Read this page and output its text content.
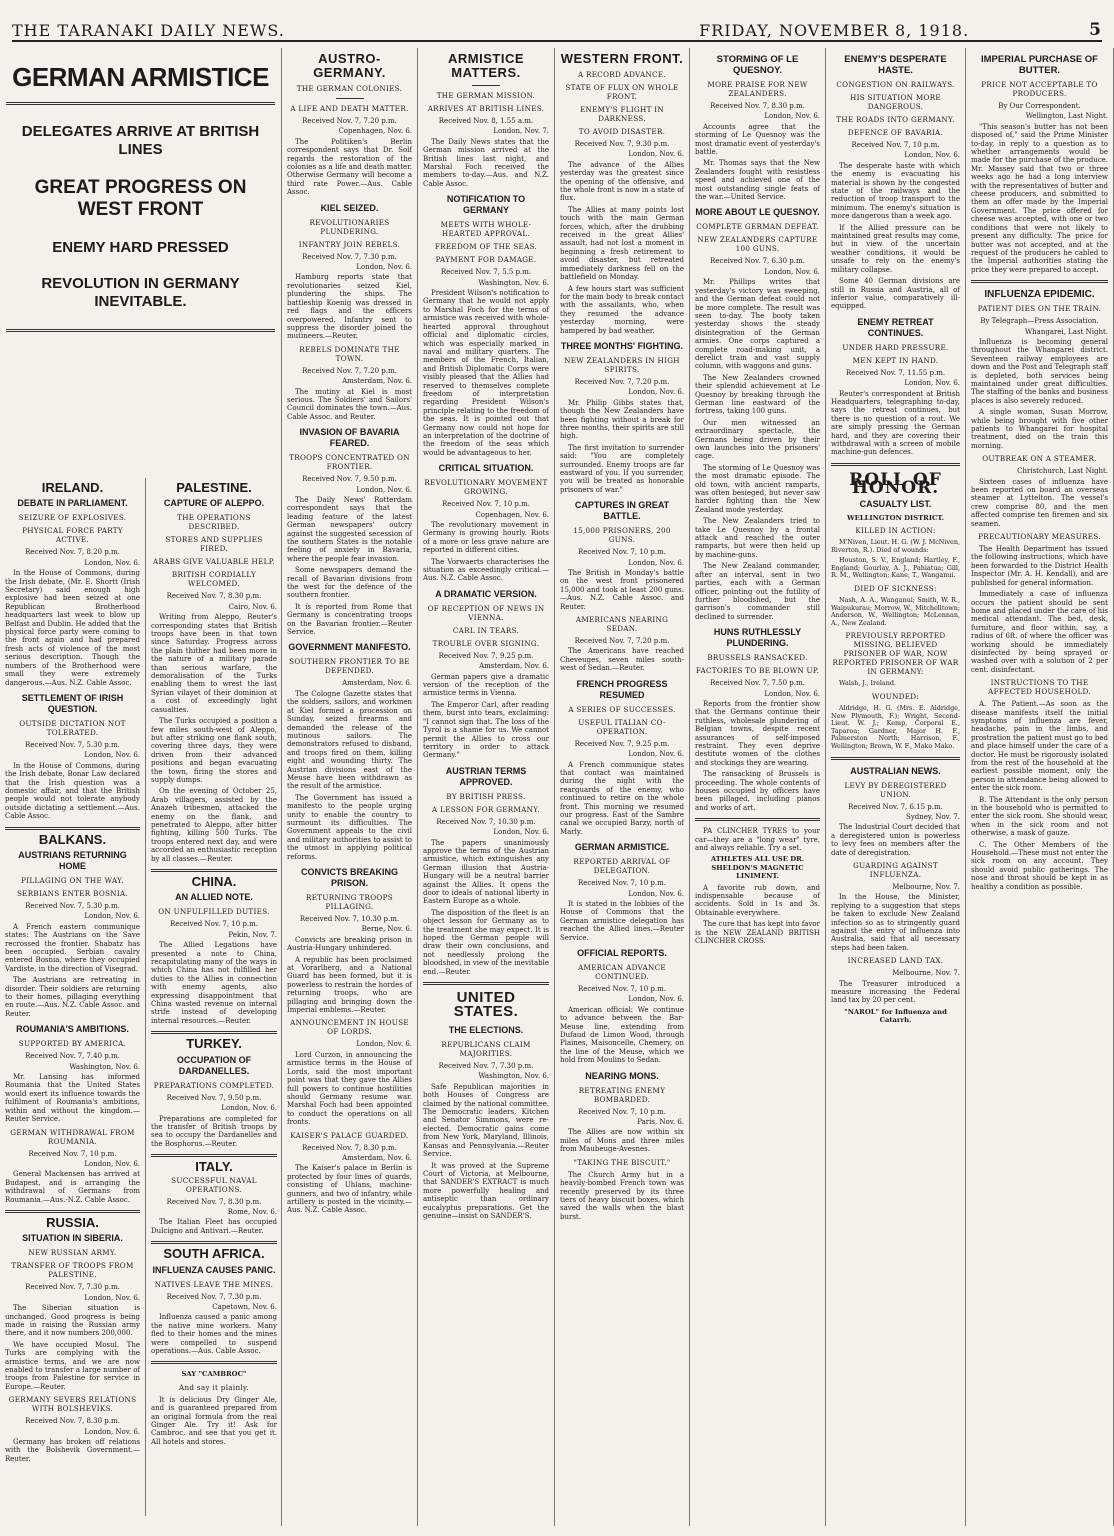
THE TARANAKI DAILY NEWS.	FRIDAY, NOVEMBER 8, 1918.	5
GERMAN ARMISTICE
DELEGATES ARRIVE AT BRITISH LINES
GREAT PROGRESS ON WEST FRONT
ENEMY HARD PRESSED
REVOLUTION IN GERMANY INEVITABLE.
IRELAND.
DEBATE IN PARLIAMENT.
SEIZURE OF EXPLOSIVES.
PHYSICAL FORCE PARTY ACTIVE.
Received Nov. 7, 8.20 p.m.
London, Nov. 6.

In the House of Commons, during the Irish debate, (Mr. E. Shortt (Irish Secretary) said enough high explosive had been seized at one Republican Brotherhood headquarters last week to blow up Belfast and Dublin. He added that the physical force party were coming to the front again and had prepared fresh acts of violence of the most serious description. Though the numbers of the Brotherhood were small they were extremely dangerous.—Aus. N.Z. Cable Assoc.

SETTLEMENT OF IRISH QUESTION.
OUTSIDE DICTATION NOT TOLERATED.
Received Nov. 7, 5.30 p.m.
London, Nov. 6.

In the House of Commons, during the Irish debate, Bonar Law declared that the Irish question was a domestic affair, and that the British people would not tolerate anybody outside dictating a settlement.—Aus. Cable Assoc.

BALKANS.
AUSTRIANS RETURNING HOME
PILLAGING ON THE WAY.
SERBIANS ENTER BOSNIA.
Received Nov. 7, 5.30 p.m.
London, Nov. 6.

A French eastern communique states: The Austrians on the Save recrossed the frontier. Shabatz has been occupied. Serbian cavalry entered Bosnia, where they occupied Vardiste, in the direction of Visegrad.

The Austrians are retreating in disorder. Their soldiers are returning to their homes, pillaging everything en route.—Aus. N.Z. Cable Assoc. and Reuter.

ROUMANIA'S AMBITIONS.
SUPPORTED BY AMERICA.
Received Nov. 7, 7.40 p.m.
Washington, Nov. 6.

Mr. Lansing has informed Roumania that the United States would exert its influence towards the fulfilment of Roumania's ambitions, within and without the kingdom.—Reuter Service.

GERMAN WITHDRAWAL FROM ROUMANIA.
Received Nov. 7, 10 p.m.
London, Nov. 6.

General Mackensen has arrived at Budapest, and is arranging the withdrawal of Germans from Roumania.—Aus.-N.Z. Cable Assoc.

RUSSIA.
SITUATION IN SIBERIA.
NEW RUSSIAN ARMY.
TRANSFER OF TROOPS FROM PALESTINE.
Received Nov. 7, 7.30 p.m.
London, Nov. 6.

The Siberian situation is unchanged. Good progress is being made in raising the Russian army there, and it now numbers 200,000.

We have occupied Mosul. The Turks are complying with the armistice terms, and we are now enabled to transfer a large number of troops from Palestine for service in Europe.—Reuter.

GERMANY SEVERS RELATIONS WITH BOLSHEVIKS.
Received Nov. 7, 8.30 p.m.
London, Nov. 6.

Germany has broken off relations with the Bolshevik Government.—Reuter.

PALESTINE.
CAPTURE OF ALEPPO.
THE OPERATIONS DESCRIBED.
STORES AND SUPPLIES FIRED.
ARABS GIVE VALUABLE HELP.
BRITISH CORDIALLY WELCOMED.
Received Nov. 7, 8.30 p.m.
Cairo, Nov. 6.

Writing from Aleppo, Reuter's corresponding states that British troops have been in that town since Saturday. Progress across the plain thither had been more in the nature of a military parade than serious warfare, the demoralisation of the Turks enabling them to wrest the last Syrian vilayet of their dominion at a cost of exceedingly light casualties.

The Turks occupied a position a few miles south-west of Aleppo, but after striking one flank south, covering three days, they were driven from their advanced positions and began evacuating the town, firing the stores and supply dumps.

On the evening of October 25, Arab villagers, assisted by the Anazeh tribesmen, attacked the enemy on the flank, and penetrated to Aleppo, after bitter fighting, killing 500 Turks. The troops entered next day, and were accorded an enthusiastic reception by all classes.—Reuter.

CHINA.
AN ALLIED NOTE.
ON UNFULFILLED DUTIES.
Received Nov. 7, 10 p.m.
Pekin, Nov. 7.

The Allied Legations have presented a note to China, recapitulating many of the ways in which China has not fulfilled her duties to the Allies in connection with enemy agents, also expressing disappointment that China wasted revenue on internal strife instead of developing internal resources.—Reuter.

TURKEY.
OCCUPATION OF DARDANELLES.
PREPARATIONS COMPLETED.
Received Nov. 7, 9.50 p.m.
London, Nov. 6.

Preparations are completed for the transfer of British troops by sea to occupy the Dardanelles and the Bosphorus.—Reuter.

ITALY.
SUCCESSFUL NAVAL OPERATIONS.
Received Nov. 7, 8.30 p.m.
Rome, Nov. 6.

The Italian Fleet has occupied Dulcigno and Antivari.—Reuter.

SOUTH AFRICA.
INFLUENZA CAUSES PANIC.
NATIVES LEAVE THE MINES.
Received Nov. 7, 7.30 p.m.
Capetown, Nov. 6.

Influenza caused a panic among the native mine workers. Many fled to their homes and the mines were compelled to suspend operations.—Aus. Cable Assoc.

SAY "CAMBROC"
And say it plainly.

It is delicious Dry Ginger Ale, and is guaranteed prepared from an original formula from the real Ginger Ale. Try it! Ask for Cambroc, and see that you get it. All hotels and stores.

AUSTRO-GERMANY.
THE GERMAN COLONIES.
A LIFE AND DEATH MATTER.
Received Nov. 7, 7.20 p.m.
Copenhagen, Nov. 6.

The Politiken's Berlin correspondent says that Dr. Solf regards the restoration of the colonies as a life and death matter. Otherwise Germany will become a third rate Power.—Aus. Cable Assoc.

KIEL SEIZED.
REVOLUTIONARIES PLUNDERING.
INFANTRY JOIN REBELS.
Received Nov. 7, 7.30 p.m.
London, Nov. 6.

Hamburg reports state that revolutionaries seized Kiel, plundering the ships. The battleship Koenig was dressed in red flags and the officers overpowered. Infantry sent to suppress the disorder joined the mutineers.—Reuter.

REBELS DOMINATE THE TOWN.
Received Nov. 7, 7.20 p.m.
Amsterdam, Nov. 6.

The mutiny at Kiel is most serious. The Soldiers' and Sailors' Council dominates the town.—Aus. Cable Assoc. and Reuter.

INVASION OF BAVARIA FEARED.
TROOPS CONCENTRATED ON FRONTIER.
Received Nov. 7, 9.50 p.m.
London, Nov. 6.

The Daily News' Rotterdam correspondent says that the leading feature of the latest German newspapers' outcry against the suggested secession of the southern States is the notable feeling of anxiety in Bavaria, where the people fear invasion.

Some newspapers demand the recall of Bavarian divisions from the west for the defence of the southern frontier.

It is reported from Rome that Germany is concentrating troops on the Bavarian frontier.—Reuter Service.

GOVERNMENT MANIFESTO.
SOUTHERN FRONTIER TO BE DEFENDED.
Amsterdam, Nov. 6.

The Cologne Gazette states that the soldiers, sailors, and workmen at Kiel formed a procession on Sunday, seized firearms and demanded the release of the mutinous sailors. The demonstrators refused to disband, and troops fired on them, killing eight and wounding thirty. The Austrian divisions east of the Meuse have been withdrawn as the result of the armistice.

The Government has issued a manifesto to the people urging unity to enable the country to surmount its difficulties. The Government appeals to the civil and military authorities to assist to the utmost in applying political reforms.

CONVICTS BREAKING PRISON.
RETURNING TROOPS PILLAGING.
Received Nov. 7, 10.30 p.m.
Berne, Nov. 6.

Convicts are breaking prison in Austria-Hungary unhindered.

A republic has been proclaimed at Vorarlberg, and a National Guard has been formed, but it is powerless to restrain the hordes of returning troops, who are pillaging and bringing down the Imperial emblems.—Reuter.

ANNOUNCEMENT IN HOUSE OF LORDS.
London, Nov. 6.

Lord Curzon, in announcing the armistice terms in the House of Lords, said the most important point was that they gave the Allies full powers to continue hostilities should Germany resume war. Marshal Foch had been appointed to conduct the operations on all fronts.

KAISER'S PALACE GUARDED.
Received Nov. 7, 8.30 p.m.
Amsterdam, Nov. 6.

The Kaiser's palace in Berlin is protected by four lines of guards, consisting of Uhlans, machine-gunners, and two of infantry, while artillery is posted in the vicinity.—Aus. N.Z. Cable Assoc.

ARMISTICE MATTERS.
THE GERMAN MISSION.
ARRIVES AT BRITISH LINES.
Received Nov. 8, 1.55 a.m.
London, Nov. 7.

The Daily News states that the German mission arrived at the British lines last night, and Marshal Foch received the members to-day.—Aus. and N.Z. Cable Assoc.

NOTIFICATION TO GERMANY
MEETS WITH WHOLE-HEARTED APPROVAL.
FREEDOM OF THE SEAS.
PAYMENT FOR DAMAGE.
Received Nov. 7, 5.5 p.m.
Washington, Nov. 6.

President Wilson's notification to Germany that he would not apply to Marshal Foch for the terms of armistice was received with whole-hearted approval throughout official and diplomatic circles, which was especially marked in naval and military quarters. The members of the French, Italian, and British Diplomatic Corps were visibly pleased that the Allies had reserved to themselves complete freedom of interpretation regarding President Wilson's principle relating to the freedom of the seas. It is pointed out that Germany now could not hope for an interpretation of the doctrine of the freedom of the seas which would be advantageous to her.

CRITICAL SITUATION.
REVOLUTIONARY MOVEMENT GROWING.
Received Nov. 7, 10 p.m.
Copenhagen, Nov. 6.

The revolutionary movement in Germany is growing hourly. Riots of a more or less grave nature are reported in different cities.

The Vorwaerts characterises the situation as exceedingly critical.—Aus. N.Z. Cable Assoc.

A DRAMATIC VERSION.
OF RECEPTION OF NEWS IN VIENNA.
CARL IN TEARS.
TROUBLE OVER SIGNING.
Received Nov. 7, 9.25 p.m.
Amsterdam, Nov. 6.

German papers give a dramatic version of the reception of the armistice terms in Vienna.

The Emperor Carl, after reading them, burst into tears, exclaiming: "I cannot sign that. The loss of the Tyrol is a shame for us. We cannot permit the Allies to cross our territory in order to attack Germany."

AUSTRIAN TERMS APPROVED.
BY BRITISH PRESS.
A LESSON FOR GERMANY.
Received Nov. 7, 10.30 p.m.
London, Nov. 6.

The papers unanimously approve the terms of the Austrian armistice, which extinguishes any German illusion that Austria-Hungary will be a neutral barrier against the Allies. It opens the door to ideals of national liberty in Eastern Europe as a whole.

The disposition of the fleet is an object lesson for Germany as to the treatment she may expect. It is hoped the German people will draw their own conclusions, and not needlessly prolong the bloodshed, in view of the inevitable end.—Reuter.

UNITED STATES.
THE ELECTIONS.
REPUBLICANS CLAIM MAJORITIES.
Received Nov. 7, 7.30 p.m.
Washington, Nov. 6.

Safe Republican majorities in both Houses of Congress are claimed by the national committee. The Democratic leaders, Kitchen and Senator Simmons, were re-elected. Democratic gains come from New York, Maryland, Illinois, Kansas and Pennsylvania.—Reuter Service.

It was proved at the Supreme Court of Victoria, at Melbourne, that SANDER'S EXTRACT is much more powerfully healing and antiseptic than ordinary eucalyptus preparations. Get the genuine—insist on SANDER'S.

WESTERN FRONT.
A RECORD ADVANCE.
STATE OF FLUX ON WHOLE FRONT.
ENEMY'S FLIGHT IN DARKNESS.
TO AVOID DISASTER.
Received Nov. 7, 9.30 p.m.
London, Nov. 6.

The advance of the Allies yesterday was the greatest since the opening of the offensive, and the whole front is now in a state of flux.

The Allies at many points lost touch with the main German forces, which, after the drubbing received in the great Allies' assault, had not lost a moment in beginning a fresh retirement to avoid disaster, but retreated immediately darkness fell on the battlefield on Monday.

A few hours start was sufficient for the main body to break contact with the assailants, who, when they resumed the advance yesterday morning, were hampered by bad weather.

THREE MONTHS' FIGHTING.
NEW ZEALANDERS IN HIGH SPIRITS.
Received Nov. 7, 7.20 p.m.
London, Nov. 6.

Mr. Philip Gibbs states that, though the New Zealanders have been fighting without a break for three months, their spirits are still high.

The first invitation to surrender said: "You are completely surrounded. Enemy troops are far eastward of you. If you surrender, you will be treated as honorable prisoners of war."

CAPTURES IN GREAT BATTLE.
15,000 PRISONERS, 200 GUNS.
Received Nov. 7, 10 p.m.
London, Nov. 6.

The British in Monday's battle on the west front prisonered 15,000 and took at least 200 guns.—Aus. N.Z. Cable Assoc. and Reuter.

AMERICANS NEARING SEDAN.
Received Nov. 7, 7.20 p.m.

The Americans have reached Cheveuges, seven miles south-west of Sedan.—Reuter.

FRENCH PROGRESS RESUMED
A SERIES OF SUCCESSES.
USEFUL ITALIAN CO-OPERATION.
Received Nov. 7, 9.25 p.m.
London, Nov. 6.

A French communique states that contact was maintained during the night with the rearguards of the enemy, who continued to retire on the whole front. This morning we resumed our progress. East of the Sambre canal we occupied Barzy, north of Marly.

GERMAN ARMISTICE.
REPORTED ARRIVAL OF DELEGATION.
Received Nov. 7, 10 p.m.
London, Nov. 6.

It is stated in the lobbies of the House of Commons that the German armistice delegation has reached the Allied lines.—Reuter Service.

OFFICIAL REPORTS.
AMERICAN ADVANCE CONTINUED.
Received Nov. 7, 10 p.m.
London, Nov. 6.

American official: We continue to advance between the Bar-Meuse line, extending from Dufaud de Limon Wood, through Plaines, Maisoncelle, Chemery, on the line of the Meuse, which we hold from Moulins to Sedan.

NEARING MONS.
RETREATING ENEMY BOMBARDED.
Received Nov. 7, 10 p.m.
Paris, Nov. 6.

The Allies are now within six miles of Mons and three miles from Maubeuge-Avesnes.

"TAKING THE BISCUIT."

The Church Army hut in a heavily-bombed French town was recently preserved by its three tiers of heavy biscuit boxes, which saved the walls when the blast burst.

STORMING OF LE QUESNOY.
MORE PRAISE FOR NEW ZEALANDERS.
Received Nov. 7, 8.30 p.m.
London, Nov. 6.

Accounts agree that the storming of Le Quesnoy was the most dramatic event of yesterday's battle.

Mr. Thomas says that the New Zealanders fought with resistless speed and achieved one of the most outstanding single feats of the war.—United Service.

MORE ABOUT LE QUESNOY.
COMPLETE GERMAN DEFEAT.
NEW ZEALANDERS CAPTURE 100 GUNS.
Received Nov. 7, 6.30 p.m.
London, Nov. 6.

Mr. Phillips writes that yesterday's victory was sweeping, and the German defeat could not be more complete. The result was seen to-day. The booty taken yesterday shows the steady disintegration of the German armies. One corps captured a complete road-making unit, a derelict train and vast supply column, with waggons and guns.

The New Zealanders crowned their splendid achievement at Le Quesnoy by breaking through the German line eastward of the fortress, taking 100 guns.

Our men witnessed an extraordinary spectacle, the Germans being driven by their own launches into the prisoners' cage.

The storming of Le Quesnoy was the most dramatic episode. The old town, with ancient ramparts, was often besieged, but never saw harder fighting than the New Zealand mode yesterday.

The New Zealanders tried to take Le Quesnoy by a frontal attack and reached the outer ramparts, but were then held up by machine-guns.

The New Zealand commander, after an interval, sent in two parties, each with a German officer, pointing out the futility of further bloodshed, but the garrison's commander still declined to surrender.

HUNS RUTHLESSLY PLUNDERING.
BRUSSELS RANSACKED.
FACTORIES TO BE BLOWN UP.
Received Nov. 7, 7.50 p.m.
London, Nov. 6.

Reports from the frontier show that the Germans continue their ruthless, wholesale plundering of Belgian towns, despite recent assurances of self-imposed restraint. They even deprive destitute women of the clothes and stockings they are wearing.

The ransacking of Brussels is proceeding. The whole contents of houses occupied by officers have been pillaged, including pianos and works of art.

PA CLINCHER TYRES to your car—they are a "long wear" tyre, and always reliable. Try a set.

ATHLETES ALL USE DR. SHELDON'S MAGNETIC LINIMENT.

A favorite rub down, and indispensable because of accidents. Sold in 1s and 3s. Obtainable everywhere.

The cure that has kept into favor is the NEW ZEALAND BRITISH CLINCHER CROSS.

ENEMY'S DESPERATE HASTE.
CONGESTION ON RAILWAYS.
HIS SITUATION MORE DANGEROUS.
THE ROADS INTO GERMANY.
DEFENCE OF BAVARIA.
Received Nov. 7, 10 p.m.
London, Nov. 6.

The desperate haste with which the enemy is evacuating his material is shown by the congested state of the railways and the reduction of troop transport to the minimum. The enemy's situation is more dangerous than a week ago.

If the Allied pressure can be maintained great results may come, but in view of the uncertain weather conditions, it would be unsafe to rely on the enemy's military collapse.

Some 40 German divisions are still in Russia and Austria, all of inferior value, comparatively ill-equipped.

ENEMY RETREAT CONTINUES.
UNDER HARD PRESSURE.
MEN KEPT IN HAND.
Received Nov. 7, 11.55 p.m.
London, Nov. 6.

Reuter's correspondent at British Headquarters, telegraphing to-day, says the retreat continues, but there is no question of a rout. We are simply pressing the German hard, and they are covering their withdrawal with a screen of mobile machine-gun defences.

ROLL OF HONOR.
CASUALTY LIST.
WELLINGTON DISTRICT.
KILLED IN ACTION:

M'Niven, Lieut. H. G. (W. J. McNiven, Riverton, R.). Died of wounds:

Houston, S. V., England; Hartley, F., England; Gourlay, A. J., Pahiatua; Gill, R. M., Wellington; Kane, T., Wanganui.

DIED OF SICKNESS:

Nash, A. A., Wanganui; Smith, W. R., Waipukurau; Morrow, W., Mitchelltown; Anderson, W., Wellington; McLennan, A., New Zealand.

PREVIOUSLY REPORTED MISSING, BELIEVED PRISONER OF WAR, NOW REPORTED PRISONER OF WAR IN GERMANY:

Walsh, J., Ireland.

WOUNDED:

Aldridge, H. G. (Mrs. E. Aldridge, New Plymouth, F.); Wright, Second-Lieut. W. J.; Kemp, Corporal E., Taparoa; Gardner, Major H. F., Palmerston North; Harrison, F., Wellington; Brown, W. F., Mako Mako.

AUSTRALIAN NEWS.
LEVY BY DEREGISTERED UNION.
Received Nov. 7, 6.15 p.m.
Sydney, Nov. 7.

The Industrial Court decided that a deregistered union is powerless to levy fees on members after the date of deregistration.

GUARDING AGAINST INFLUENZA.
Melbourne, Nov. 7.

In the House, the Minister, replying to a suggestion that steps be taken to exclude New Zealand infection so as to stringently guard against the entry of influenza into Australia, said that all necessary steps had been taken.

INCREASED LAND TAX.
Melbourne, Nov. 7.

The Treasurer introduced a measure increasing the Federal land tax by 20 per cent.

"NAROL" for Influenza and Catarrh.
IMPERIAL PURCHASE OF BUTTER.
PRICE NOT ACCEPTABLE TO PRODUCERS.
By Our Correspondent.
Wellington, Last Night.

"This season's butter has not been disposed of," said the Prime Minister to-day, in reply to a question as to whether arrangements would be made for the purchase of the produce. Mr. Massey said that two or three weeks ago he had a long interview with the representatives of butter and cheese producers, and submitted to them an offer made by the Imperial Government. The price offered for cheese was accepted, with one or two conditions that were not likely to present any difficulty. The price for butter was not accepted, and at the request of the producers he cabled to the Imperial authorities stating the price they were prepared to accept.

INFLUENZA EPIDEMIC.
PATIENT DIES ON THE TRAIN.
By Telegraph—Press Association.
Whangarei, Last Night.

Influenza is becoming general throughout the Whangarei district. Seventeen railway employees are down and the Post and Telegraph staff is depleted, both services being maintained under great difficulties. The staffing of the banks and business places is also severely reduced.

A single woman, Susan Morrow, while being brought with five other patients to Whangarei for hospital treatment, died on the train this morning.

OUTBREAK ON A STEAMER.
Christchurch, Last Night.

Sixteen cases of influenza have been reported on board an overseas steamer at Lyttelton. The vessel's crew comprise 80, and the men affected comprise ten firemen and six seamen.

PRECAUTIONARY MEASURES.

The Health Department has issued the following instructions, which have been forwarded to the District Health Inspector (Mr. A. H. Kendall), and are published for general information.

Immediately a case of influenza occurs the patient should be sent home and placed under the care of his medical attendant. The bed, desk, furniture, and floor within, say, a radius of 6ft. of where the officer was working should be immediately disinfected by being sprayed or washed over with a solution of 2 per cent. disinfectant.

INSTRUCTIONS TO THE AFFECTED HOUSEHOLD.

A. The Patient.—As soon as the disease manifests itself the initial symptoms of influenza are fever, headache, pain in the limbs, and prostration the patient must go to bed and place himself under the care of a doctor. He must be rigorously isolated from the rest of the household at the earliest possible moment, only the person in attendance being allowed to enter the sick room.

B. The Attendant is the only person in the household who is permitted to enter the sick room. She should wear, when in the sick room and not otherwise, a mask of gauze.

C. The Other Members of the Household.—These must not enter the sick room on any account. They should avoid public gatherings. The nose and throat should be kept in as healthy a condition as possible.
